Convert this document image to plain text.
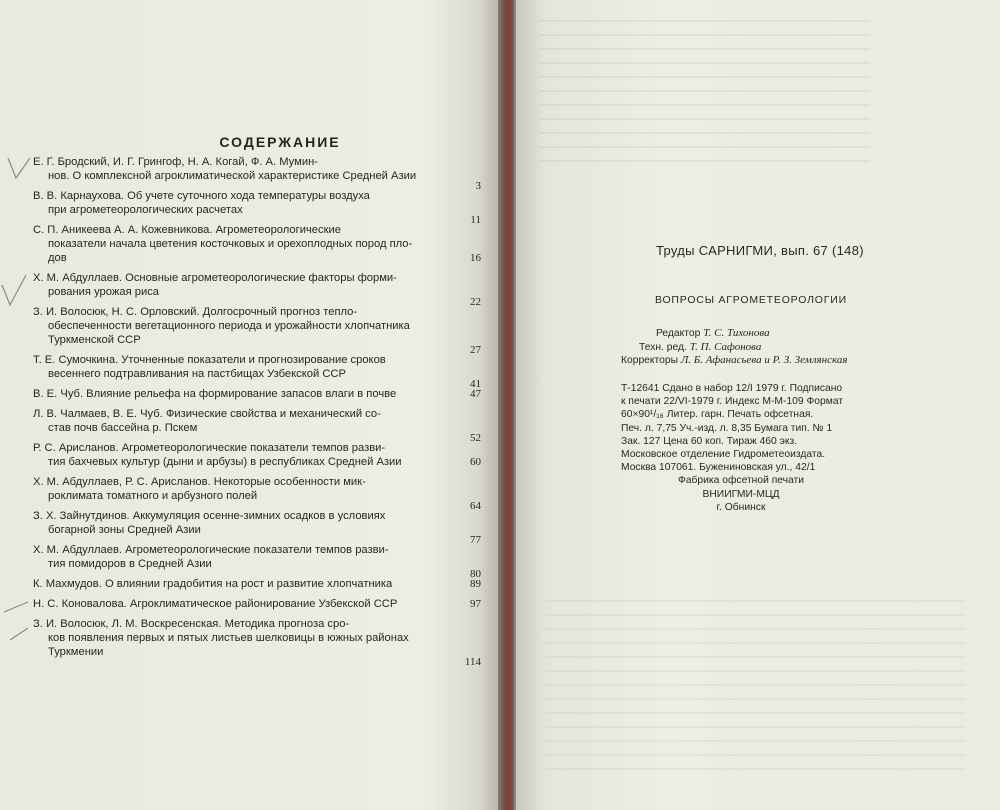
СОДЕРЖАНИЕ
Е. Г. Бродский, И. Г. Грингоф, Н. А. Когай, Ф. А. Мумин-
нов. О комплексной агроклиматической характеристике Средней Азии
3
В. В. Карнаухова. Об учете суточного хода температуры воздуха
при агрометеорологических расчетах
11
С. П. Аникеева А. А. Кожевникова. Агрометеорологические
показатели начала цветения косточковых и орехоплодных пород пло-
дов	16
Х. М. Абдуллаев. Основные агрометеорологические факторы форми-
рования урожая риса
22
З. И. Волосюк, Н. С. Орловский. Долгосрочный прогноз тепло-
обеспеченности вегетационного периода и урожайности хлопчатника
Туркменской ССР
27
Т. Е. Сумочкина. Уточненные показатели и прогнозирование сроков
весеннего подтравливания на пастбищах Узбекской ССР
41
В. Е. Чуб. Влияние рельефа на формирование запасов влаги в почве	47
Л. В. Чалмаев, В. Е. Чуб. Физические свойства и механический со-
став почв бассейна р. Пскем
52
Р. С. Арисланов. Агрометеорологические показатели темпов разви-
тия бахчевых культур (дыни и арбузы) в республиках Средней Азии	60
Х. М. Абдуллаев, Р. С. Арисланов. Некоторые особенности мик-
роклимата томатного и арбузного полей
64
З. Х. Зайнутдинов. Аккумуляция осенне-зимних осадков в условиях
богарной зоны Средней Азии
77
Х. М. Абдуллаев. Агрометеорологические показатели темпов разви-
тия помидоров в Средней Азии
80
К. Махмудов. О влиянии градобития на рост и развитие хлопчатника	89
Н. С. Коновалова. Агроклиматическое районирование Узбекской ССР	97
З. И. Волосюк, Л. М. Воскресенская. Методика прогноза сро-
ков появления первых и пятых листьев шелковицы в южных районах
Туркмении
114
Труды САРНИГМИ, вып. 67 (148)
ВОПРОСЫ АГРОМЕТЕОРОЛОГИИ
Редактор Т. С. Тихонова
Техн. ред. Т. П. Сафонова
Корректоры Л. Б. Афанасьева и Р. З. Землянская
Т-12641 Сдано в набор 12/I 1979 г. Подписано
к печати 22/VI-1979 г. Индекс М-М-109 Формат
60×90¹/₁₆ Литер. гарн. Печать офсетная.
Печ. л. 7,75 Уч.-изд. л. 8,35 Бумага тип. № 1
Зак. 127 Цена 60 коп. Тираж 460 экз.
Московское отделение Гидрометеоиздата.
Москва 107061. Бужениновская ул., 42/1
Фабрика офсетной печати
ВНИИГМИ-МЦД
г. Обнинск
